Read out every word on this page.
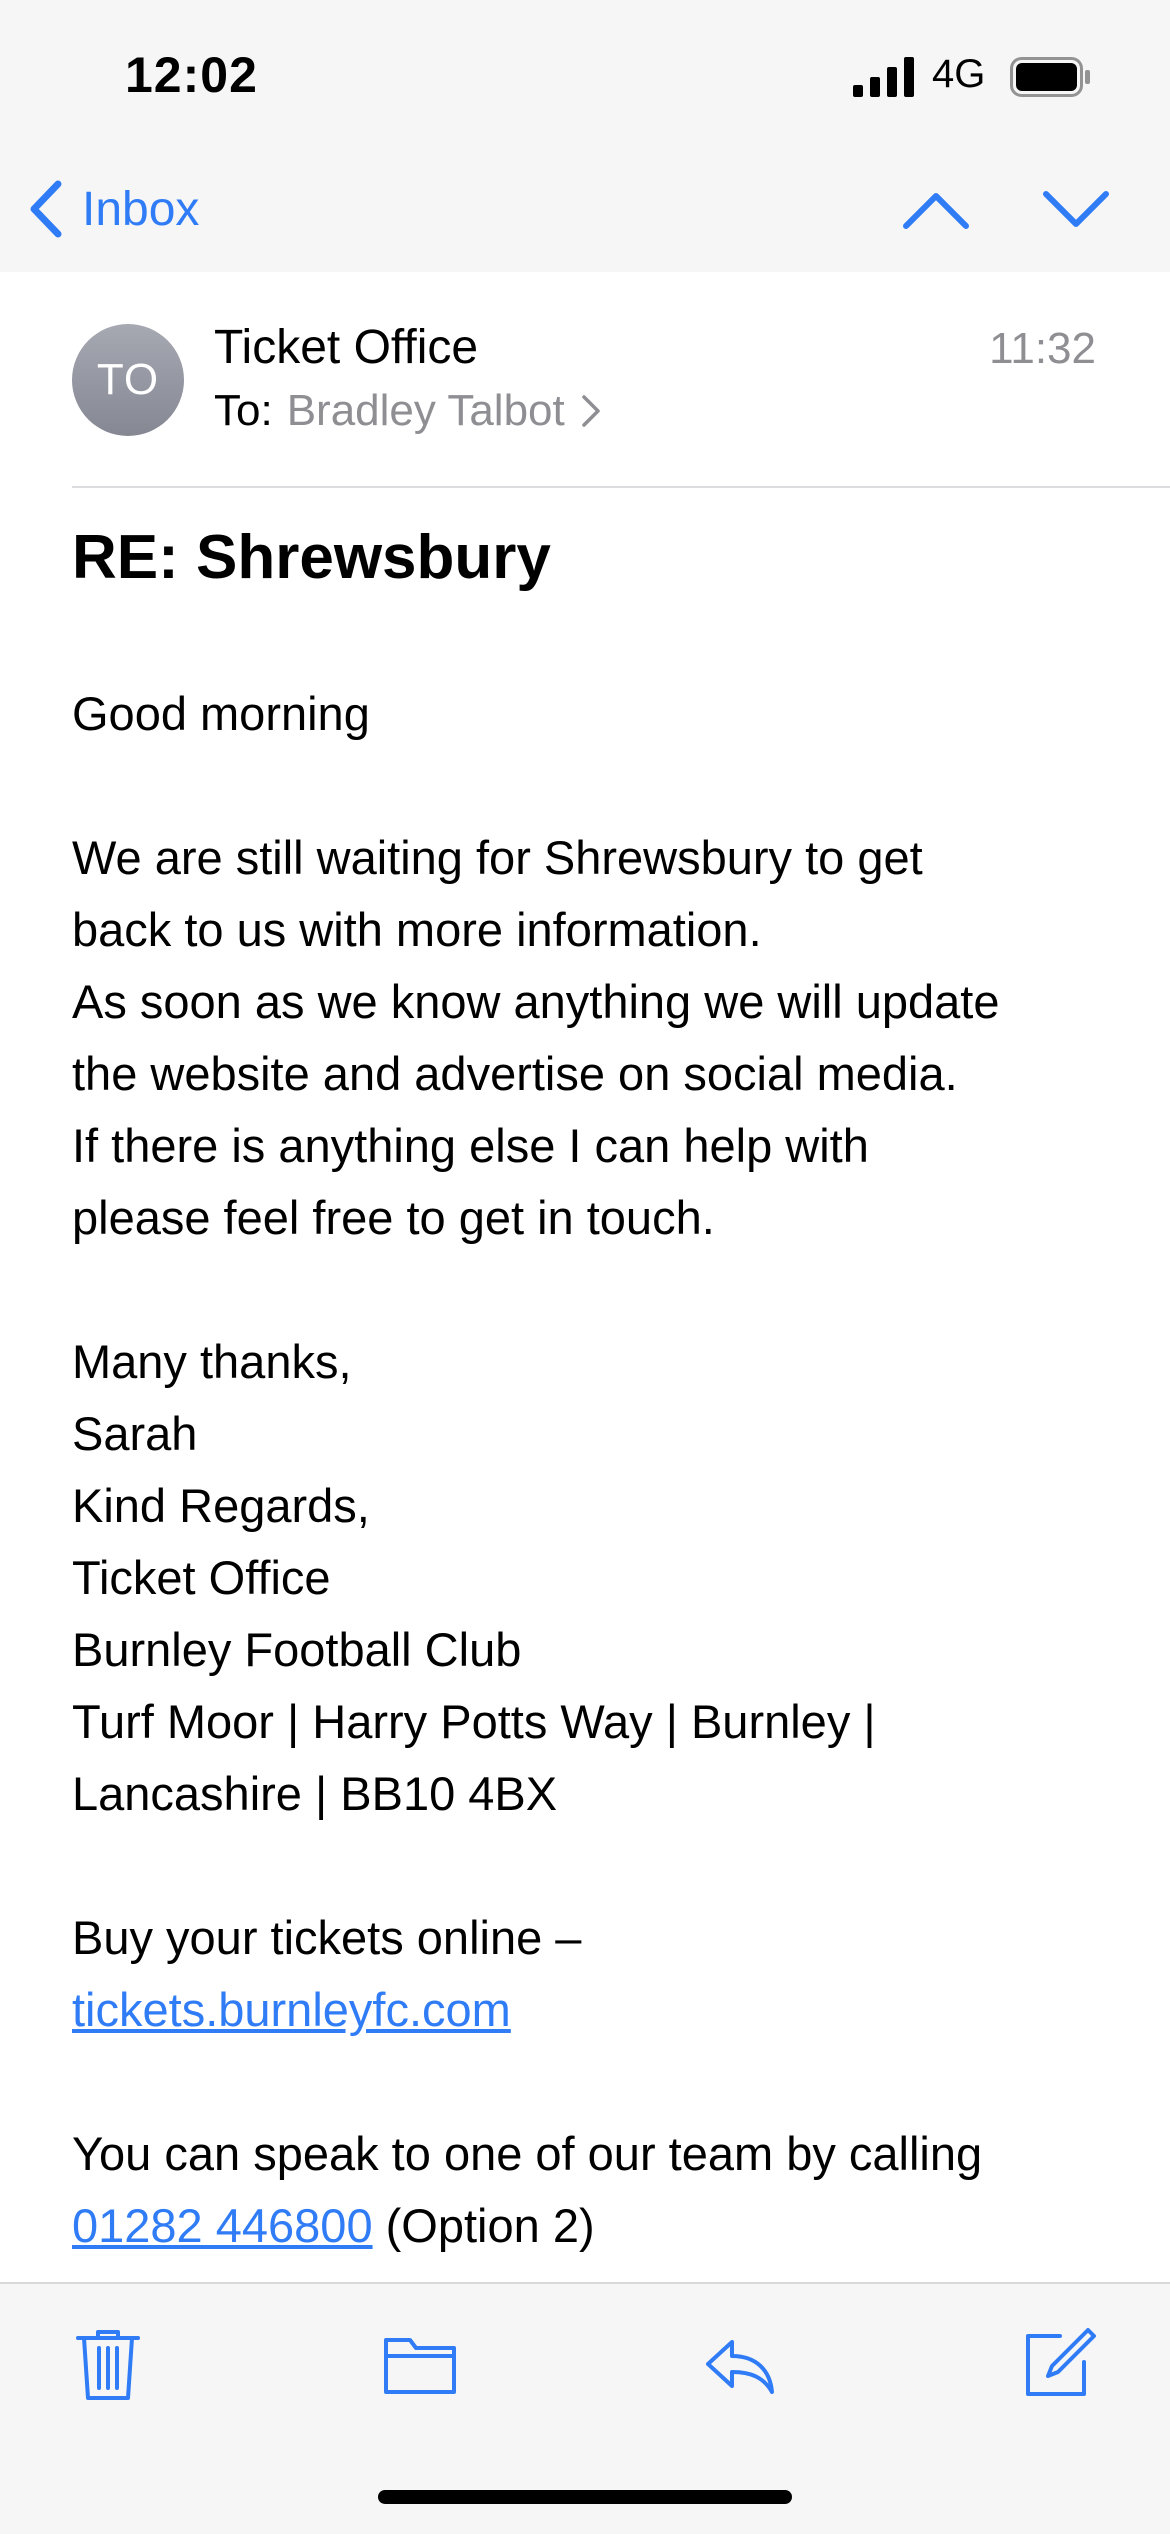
12:02	4G
Inbox
TO
Ticket Office
To: Bradley Talbot
11:32
RE: Shrewsbury

Good morning

We are still waiting for Shrewsbury to get
back to us with more information.
As soon as we know anything we will update
the website and advertise on social media.
If there is anything else I can help with
please feel free to get in touch.

Many thanks,
Sarah
Kind Regards,
Ticket Office
Burnley Football Club
Turf Moor | Harry Potts Way | Burnley |
Lancashire | BB10 4BX

Buy your tickets online –
tickets.burnleyfc.com

You can speak to one of our team by calling
01282 446800 (Option 2)
